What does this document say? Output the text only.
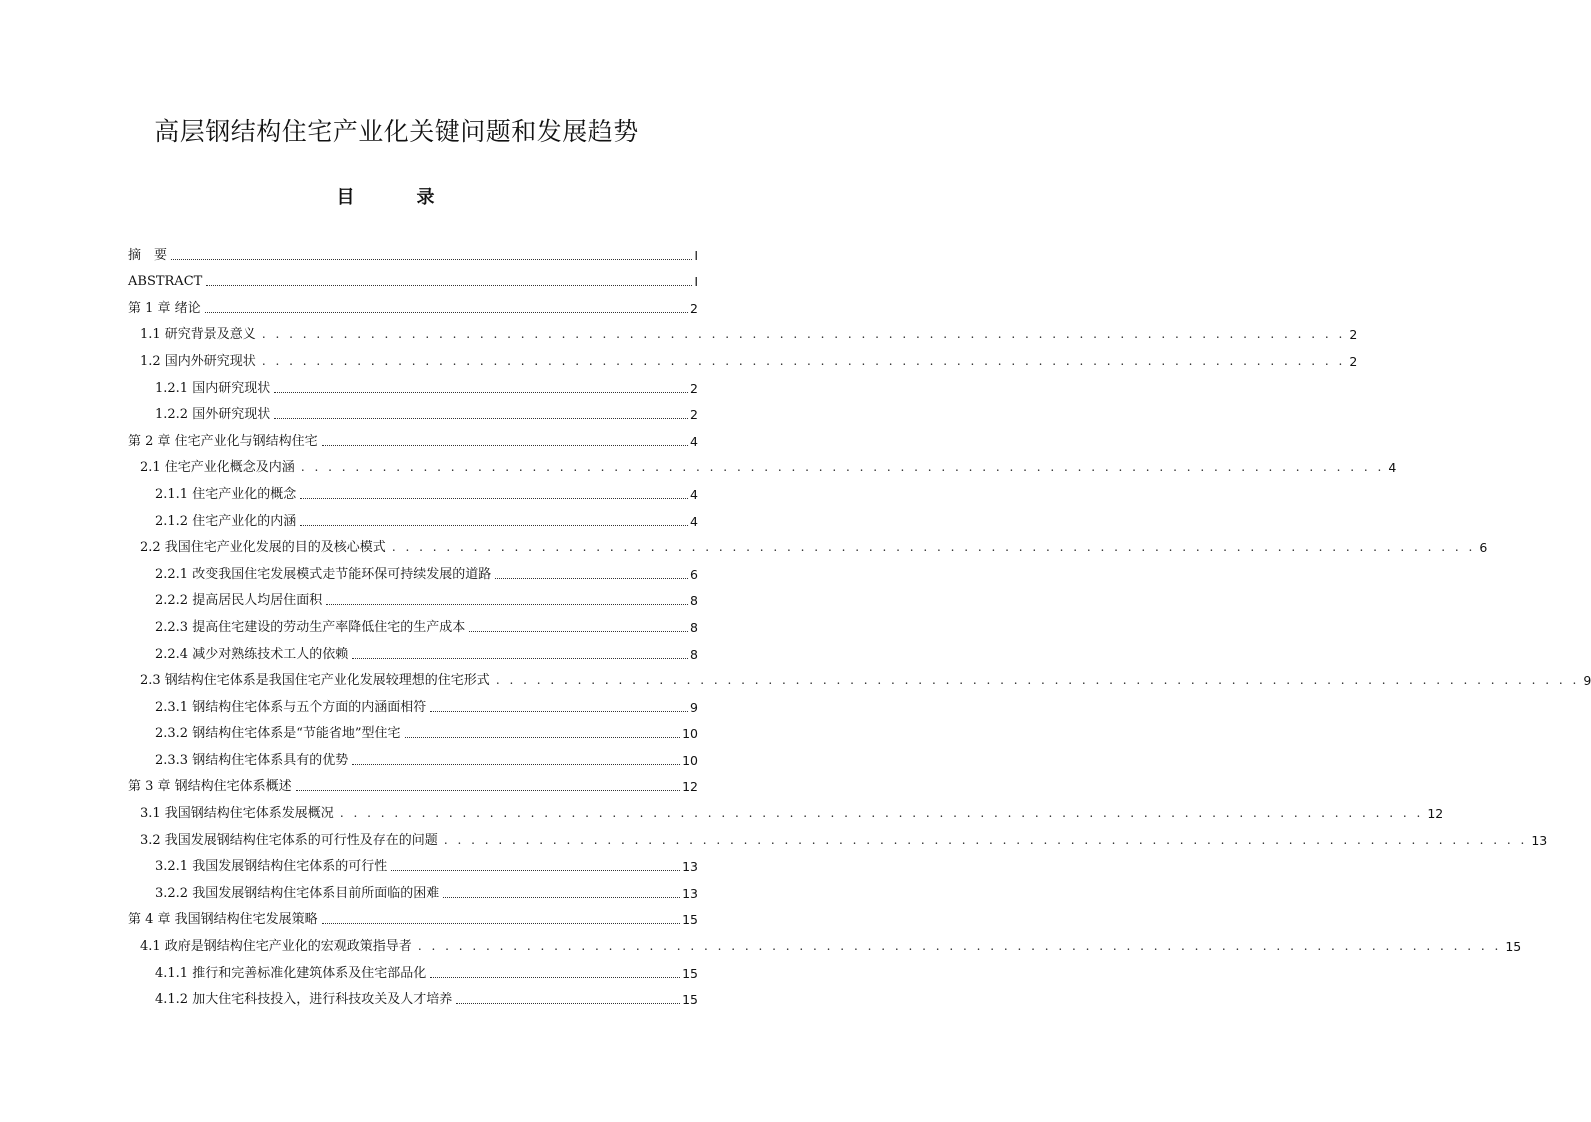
高层钢结构住宅产业化关键问题和发展趋势
目　录
摘　要	I
ABSTRACT	I
第 1 章 绪论	2
1.1 研究背景及意义 . . . . . . . . . . . . . . . . . . . . . . . . . . . . . . . . . . . . . . . . . . . . . . . . . . . . . . . . . . . . . . . . . . . . . . . . . . . . . . . . 2
1.2 国内外研究现状 . . . . . . . . . . . . . . . . . . . . . . . . . . . . . . . . . . . . . . . . . . . . . . . . . . . . . . . . . . . . . . . . . . . . . . . . . . . . . . . . 2
1.2.1 国内研究现状	2
1.2.2 国外研究现状	2
第 2 章 住宅产业化与钢结构住宅	4
2.1 住宅产业化概念及内涵 . . . . . . . . . . . . . . . . . . . . . . . . . . . . . . . . . . . . . . . . . . . . . . . . . . . . . . . . . . . . . . . . . . . . . . . . . . . . . . . . 4
2.1.1 住宅产业化的概念	4
2.1.2 住宅产业化的内涵	4
2.2 我国住宅产业化发展的目的及核心模式 . . . . . . . . . . . . . . . . . . . . . . . . . . . . . . . . . . . . . . . . . . . . . . . . . . . . . . . . . . . . . . . . . . . . . . . . . . . . . . . . 6
2.2.1 改变我国住宅发展模式走节能环保可持续发展的道路	6
2.2.2 提高居民人均居住面积	8
2.2.3 提高住宅建设的劳动生产率降低住宅的生产成本	8
2.2.4 减少对熟练技术工人的依赖	8
2.3 钢结构住宅体系是我国住宅产业化发展较理想的住宅形式 . . . . . . . . . . . . . . . . . . . . . . . . . . . . . . . . . . . . . . . . . . . . . . . . . . . . . . . . . . . . . . . . . . . . . . . . . . . . . . . . 9
2.3.1 钢结构住宅体系与五个方面的内涵面相符	9
2.3.2 钢结构住宅体系是“节能省地”型住宅	10
2.3.3 钢结构住宅体系具有的优势	10
第 3 章 钢结构住宅体系概述	12
3.1 我国钢结构住宅体系发展概况 . . . . . . . . . . . . . . . . . . . . . . . . . . . . . . . . . . . . . . . . . . . . . . . . . . . . . . . . . . . . . . . . . . . . . . . . . . . . . . . . 12
3.2 我国发展钢结构住宅体系的可行性及存在的问题 . . . . . . . . . . . . . . . . . . . . . . . . . . . . . . . . . . . . . . . . . . . . . . . . . . . . . . . . . . . . . . . . . . . . . . . . . . . . . . . . 13
3.2.1 我国发展钢结构住宅体系的可行性	13
3.2.2 我国发展钢结构住宅体系目前所面临的困难	13
第 4 章 我国钢结构住宅发展策略	15
4.1 政府是钢结构住宅产业化的宏观政策指导者 . . . . . . . . . . . . . . . . . . . . . . . . . . . . . . . . . . . . . . . . . . . . . . . . . . . . . . . . . . . . . . . . . . . . . . . . . . . . . . . . 15
4.1.1 推行和完善标准化建筑体系及住宅部品化	15
4.1.2 加大住宅科技投入，进行科技攻关及人才培养	15
